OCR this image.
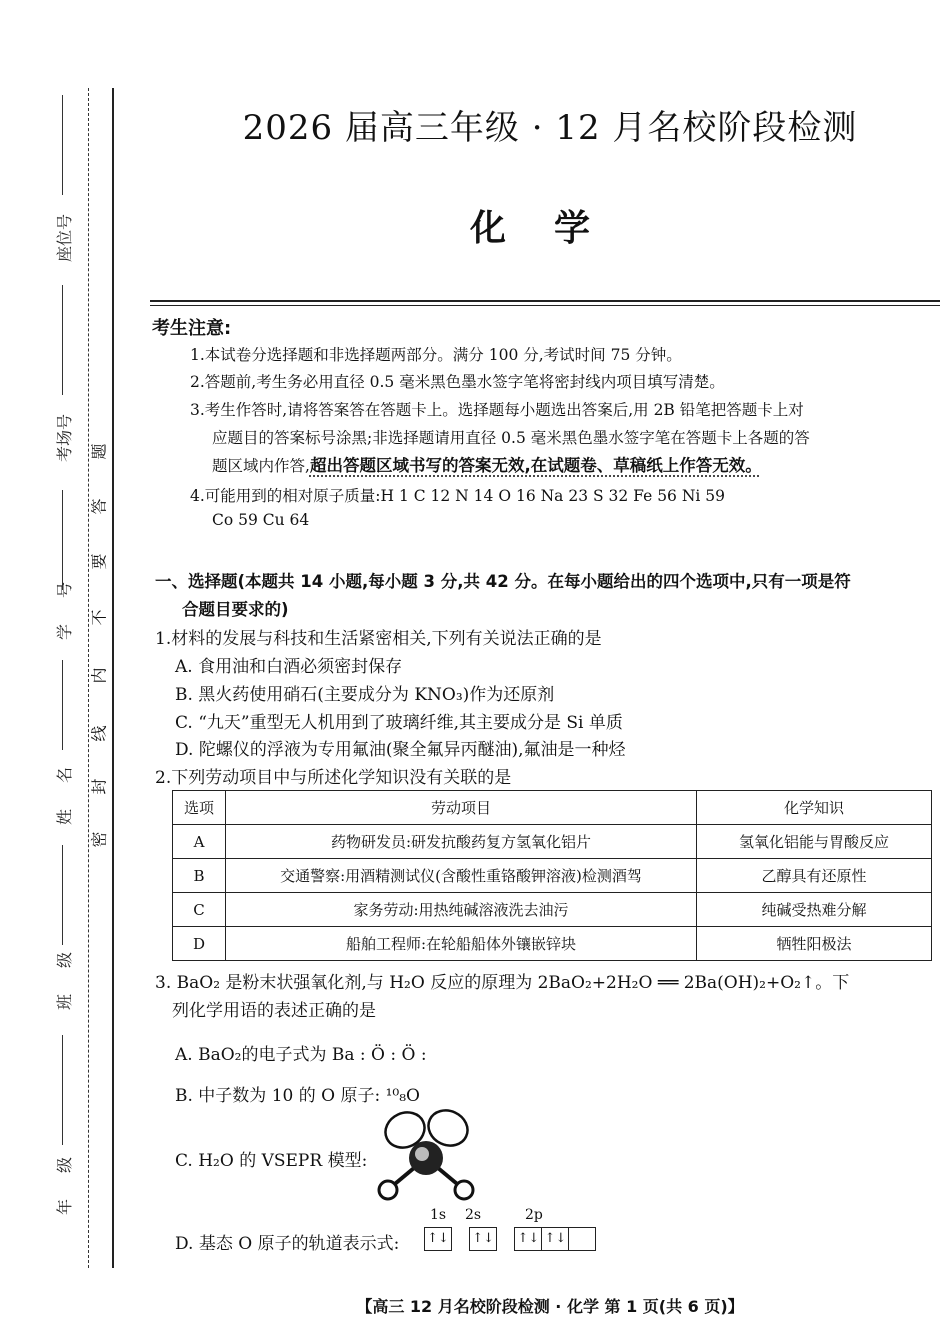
座位号
考场号
学号
姓名
班级
年级
密
封
线
内
不
要
答
题
2026 届高三年级 · 12 月名校阶段检测
化学
考生注意:
1.本试卷分选择题和非选择题两部分。满分 100 分,考试时间 75 分钟。
2.答题前,考生务必用直径 0.5 毫米黑色墨水签字笔将密封线内项目填写清楚。
3.考生作答时,请将答案答在答题卡上。选择题每小题选出答案后,用 2B 铅笔把答题卡上对
应题目的答案标号涂黑;非选择题请用直径 0.5 毫米黑色墨水签字笔在答题卡上各题的答
题区域内作答,超出答题区域书写的答案无效,在试题卷、草稿纸上作答无效。
4.可能用到的相对原子质量:H 1 C 12 N 14 O 16 Na 23 S 32 Fe 56 Ni 59
Co 59 Cu 64
一、选择题(本题共 14 小题,每小题 3 分,共 42 分。在每小题给出的四个选项中,只有一项是符
合题目要求的)
1.材料的发展与科技和生活紧密相关,下列有关说法正确的是
A. 食用油和白酒必须密封保存
B. 黑火药使用硝石(主要成分为 KNO₃)作为还原剂
C. “九天”重型无人机用到了玻璃纤维,其主要成分是 Si 单质
D. 陀螺仪的浮液为专用氟油(聚全氟异丙醚油),氟油是一种烃
2.下列劳动项目中与所述化学知识没有关联的是
选项	劳动项目	化学知识
A	药物研发员:研发抗酸药复方氢氧化铝片	氢氧化铝能与胃酸反应
B	交通警察:用酒精测试仪(含酸性重铬酸钾溶液)检测酒驾	乙醇具有还原性
C	家务劳动:用热纯碱溶液洗去油污	纯碱受热难分解
D	船舶工程师:在轮船船体外镶嵌锌块	牺牲阳极法
3. BaO₂ 是粉末状强氧化剂,与 H₂O 反应的原理为 2BaO₂+2H₂O ══ 2Ba(OH)₂+O₂↑。下
列化学用语的表述正确的是
A. BaO₂的电子式为 Ba : Ö : Ö :
B. 中子数为 10 的 O 原子: ¹⁰₈O
C. H₂O 的 VSEPR 模型:
D. 基态 O 原子的轨道表示式:
1s 2s	2p
↑↓ ↑↓ ↑↓ ↑↓
【高三 12 月名校阶段检测 · 化学 第 1 页(共 6 页)】
